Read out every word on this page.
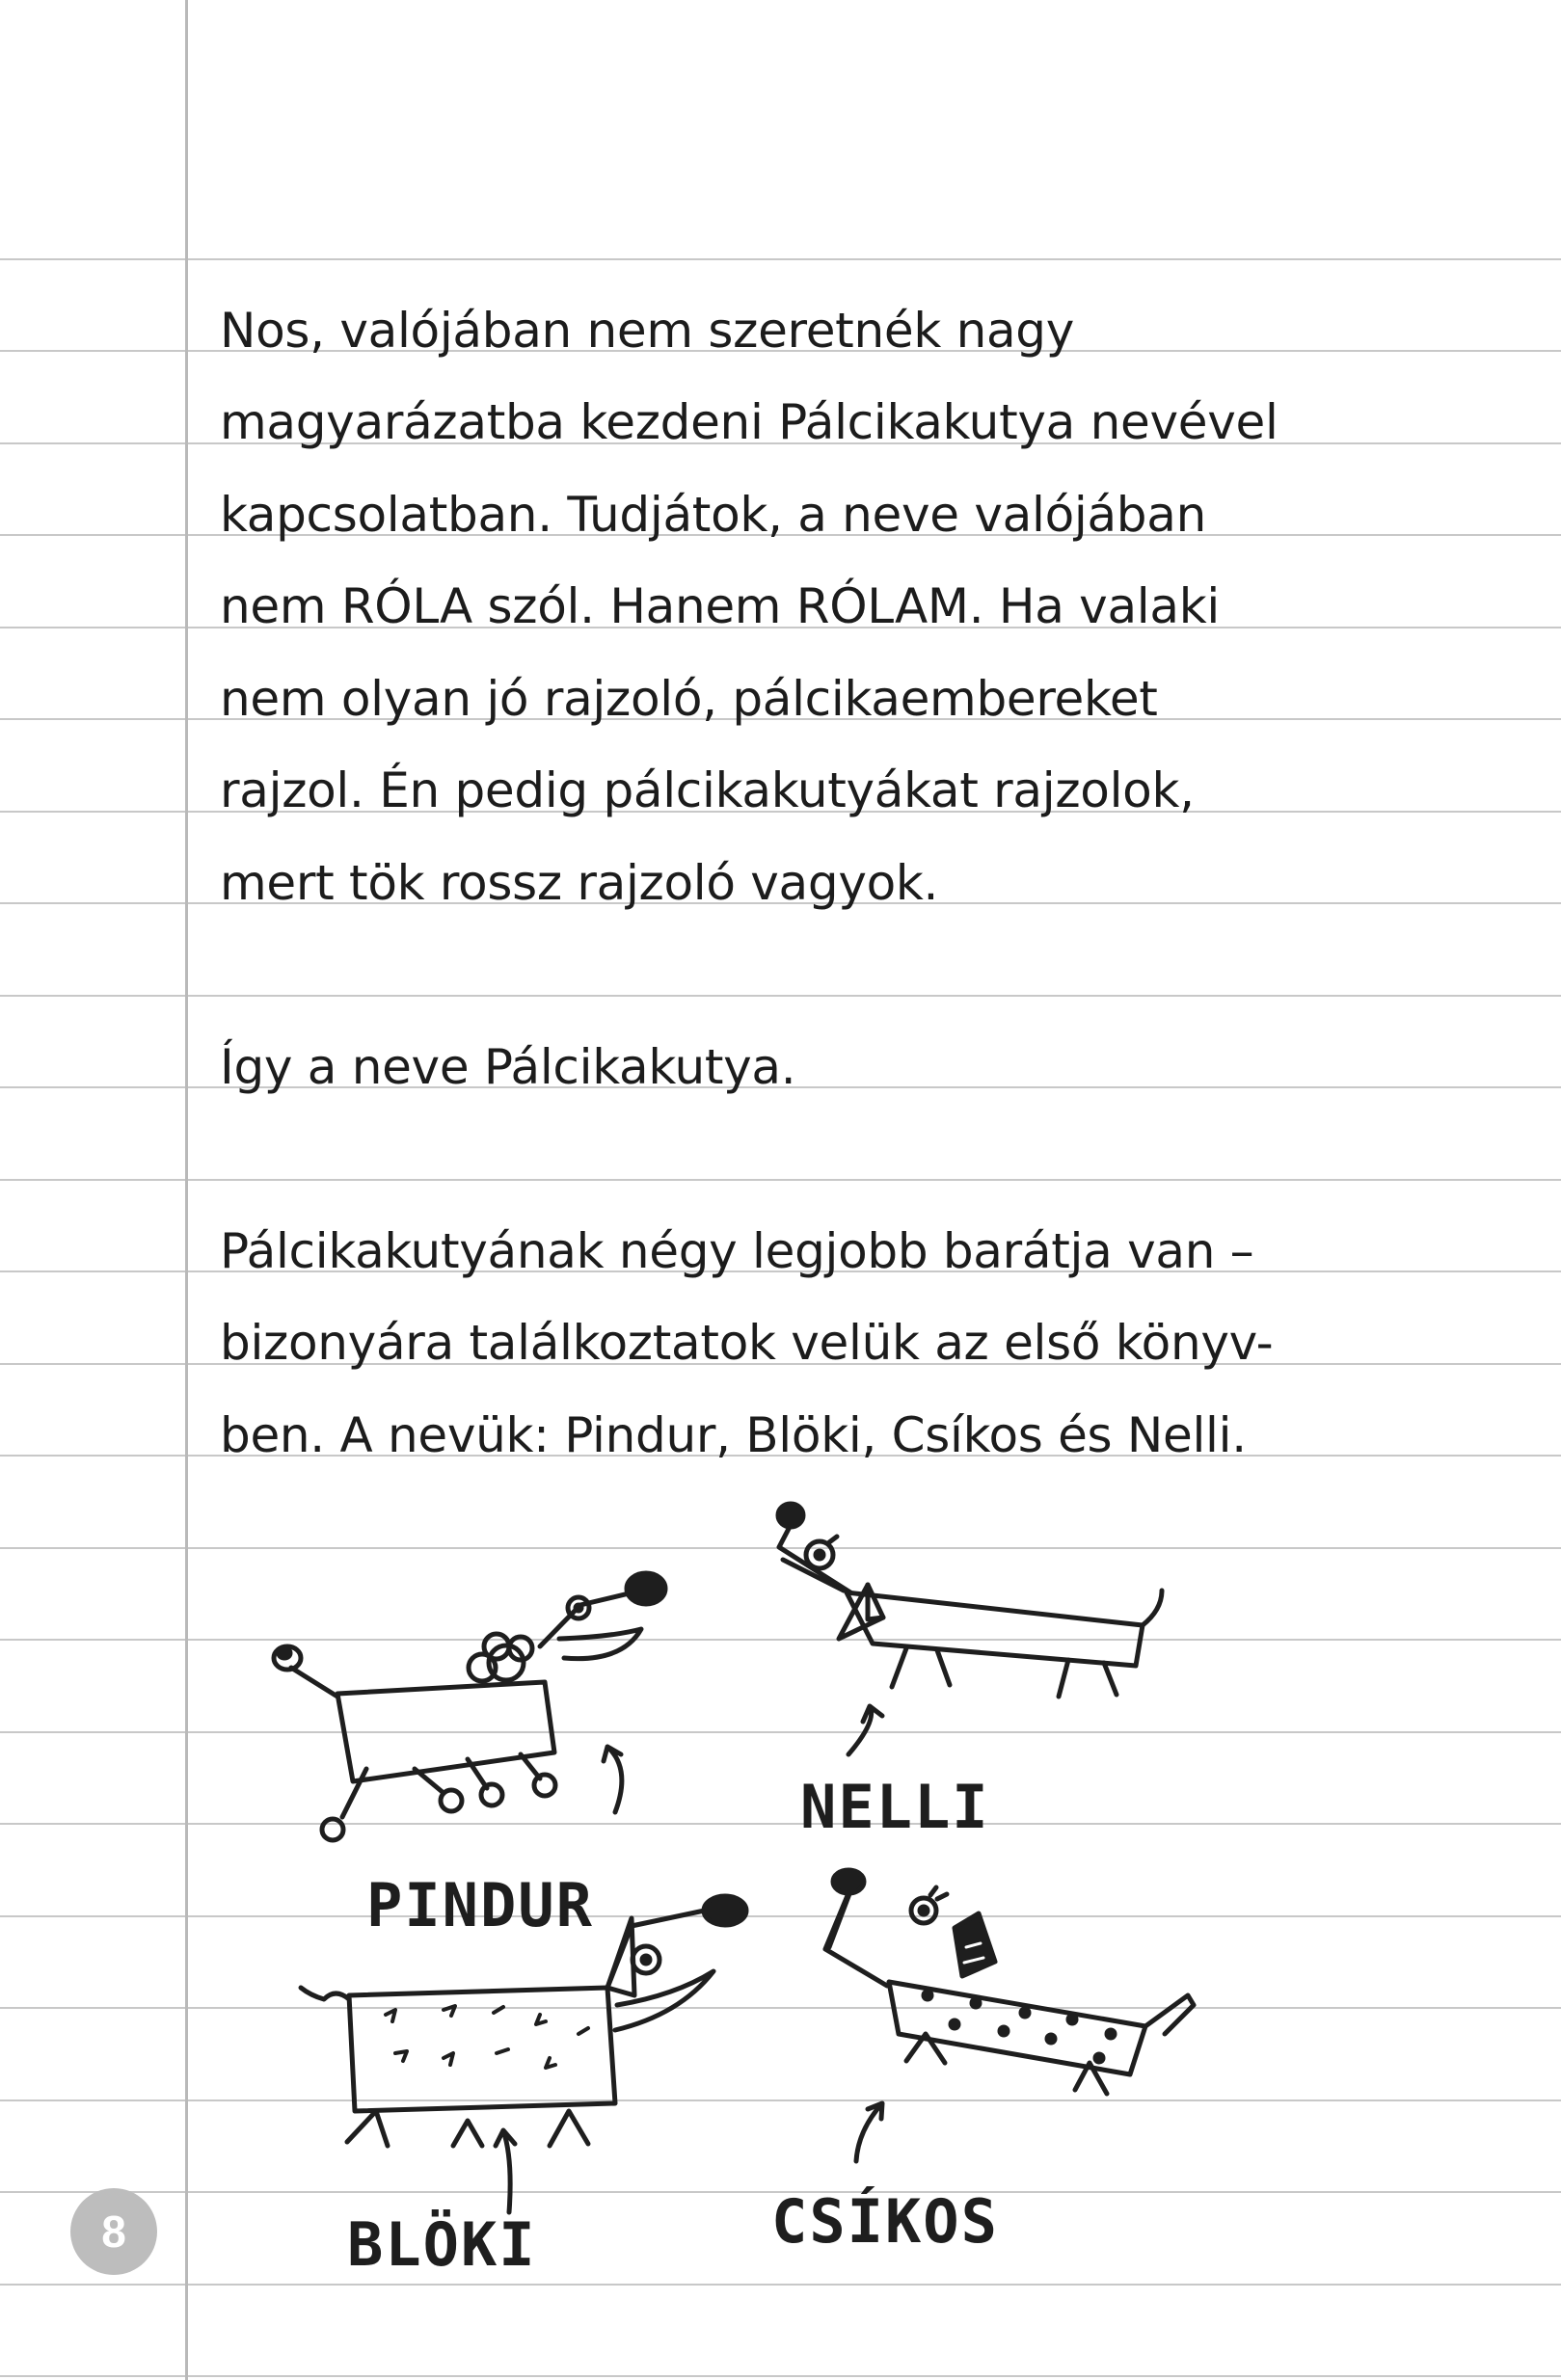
Nos, valójában nem szeretnék nagy
magyarázatba kezdeni Pálcikakutya nevével
kapcsolatban. Tudjátok, a neve valójában
nem RÓLA szól. Hanem RÓLAM. Ha valaki
nem olyan jó rajzoló, pálcikaembereket
rajzol. Én pedig pálcikakutyákat rajzolok,
mert tök rossz rajzoló vagyok.
Így a neve Pálcikakutya.
Pálcikakutyának négy legjobb barátja van –
bizonyára találkoztatok velük az első könyv-
ben. A nevük: Pindur, Blöki, Csíkos és Nelli.
PINDUR
NELLI
BLÖKI	CSÍKOS
8
